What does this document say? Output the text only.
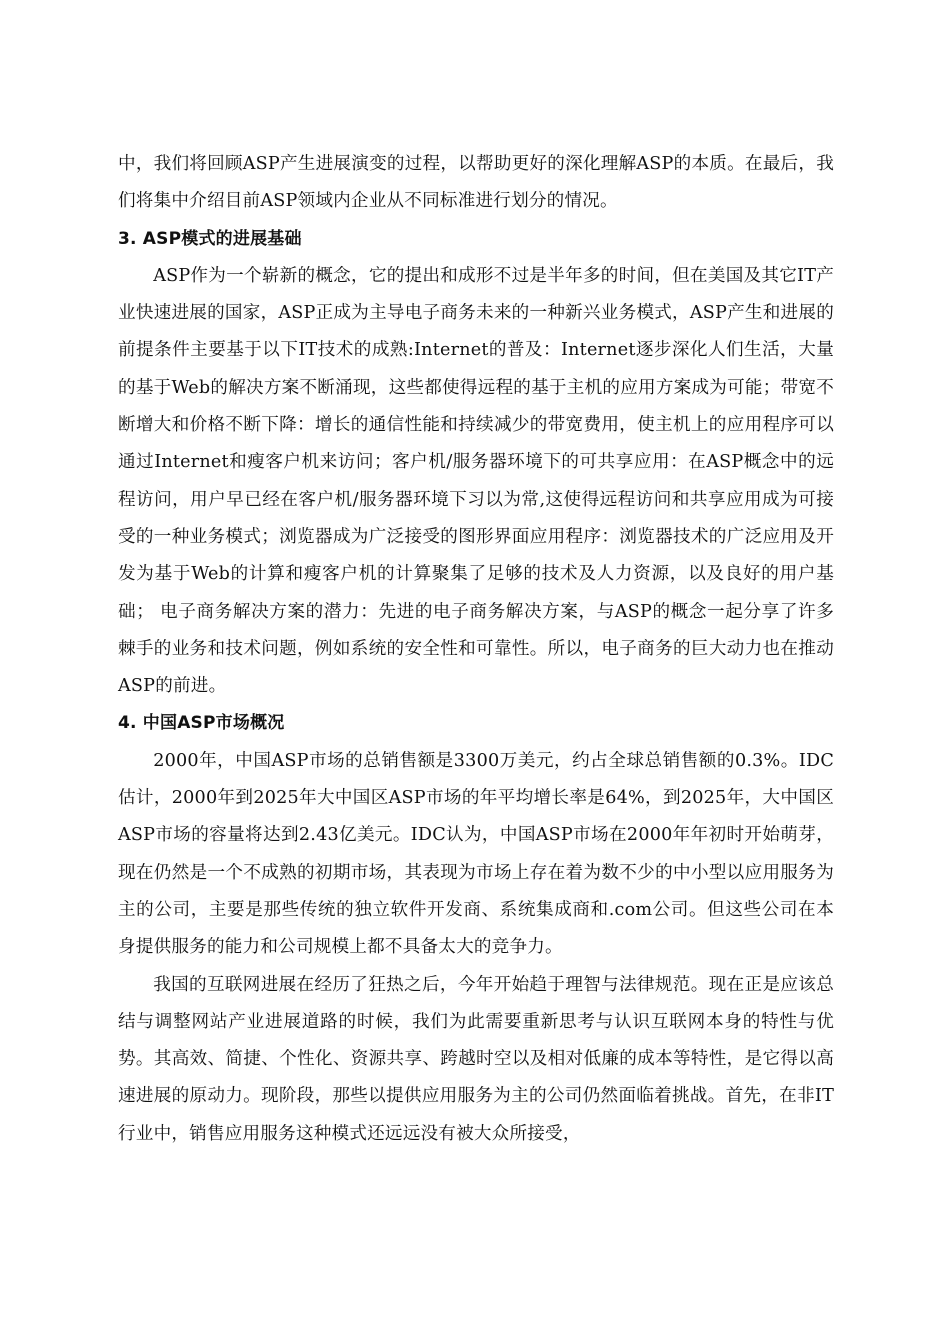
中，我们将回顾ASP产生进展演变的过程，以帮助更好的深化理解ASP的本质。在最后，我们将集中介绍目前ASP领域内企业从不同标准进行划分的情况。

3. ASP模式的进展基础

ASP作为一个崭新的概念，它的提出和成形不过是半年多的时间，但在美国及其它IT产业快速进展的国家，ASP正成为主导电子商务未来的一种新兴业务模式，ASP产生和进展的前提条件主要基于以下IT技术的成熟:Internet的普及：Internet逐步深化人们生活，大量的基于Web的解决方案不断涌现，这些都使得远程的基于主机的应用方案成为可能；带宽不断增大和价格不断下降：增长的通信性能和持续减少的带宽费用，使主机上的应用程序可以通过Internet和瘦客户机来访问；客户机/服务器环境下的可共享应用：在ASP概念中的远程访问，用户早已经在客户机/服务器环境下习以为常,这使得远程访问和共享应用成为可接受的一种业务模式；浏览器成为广泛接受的图形界面应用程序：浏览器技术的广泛应用及开发为基于Web的计算和瘦客户机的计算聚集了足够的技术及人力资源，以及良好的用户基础； 电子商务解决方案的潜力：先进的电子商务解决方案，与ASP的概念一起分享了许多棘手的业务和技术问题，例如系统的安全性和可靠性。所以，电子商务的巨大动力也在推动ASP的前进。

4. 中国ASP市场概况

2000年，中国ASP市场的总销售额是3300万美元，约占全球总销售额的0.3%。IDC估计，2000年到2025年大中国区ASP市场的年平均增长率是64%，到2025年，大中国区ASP市场的容量将达到2.43亿美元。IDC认为，中国ASP市场在2000年年初时开始萌芽，现在仍然是一个不成熟的初期市场，其表现为市场上存在着为数不少的中小型以应用服务为主的公司，主要是那些传统的独立软件开发商、系统集成商和.com公司。但这些公司在本身提供服务的能力和公司规模上都不具备太大的竞争力。

我国的互联网进展在经历了狂热之后，今年开始趋于理智与法律规范。现在正是应该总结与调整网站产业进展道路的时候，我们为此需要重新思考与认识互联网本身的特性与优势。其高效、简捷、个性化、资源共享、跨越时空以及相对低廉的成本等特性，是它得以高速进展的原动力。现阶段，那些以提供应用服务为主的公司仍然面临着挑战。首先，在非IT行业中，销售应用服务这种模式还远远没有被大众所接受，
